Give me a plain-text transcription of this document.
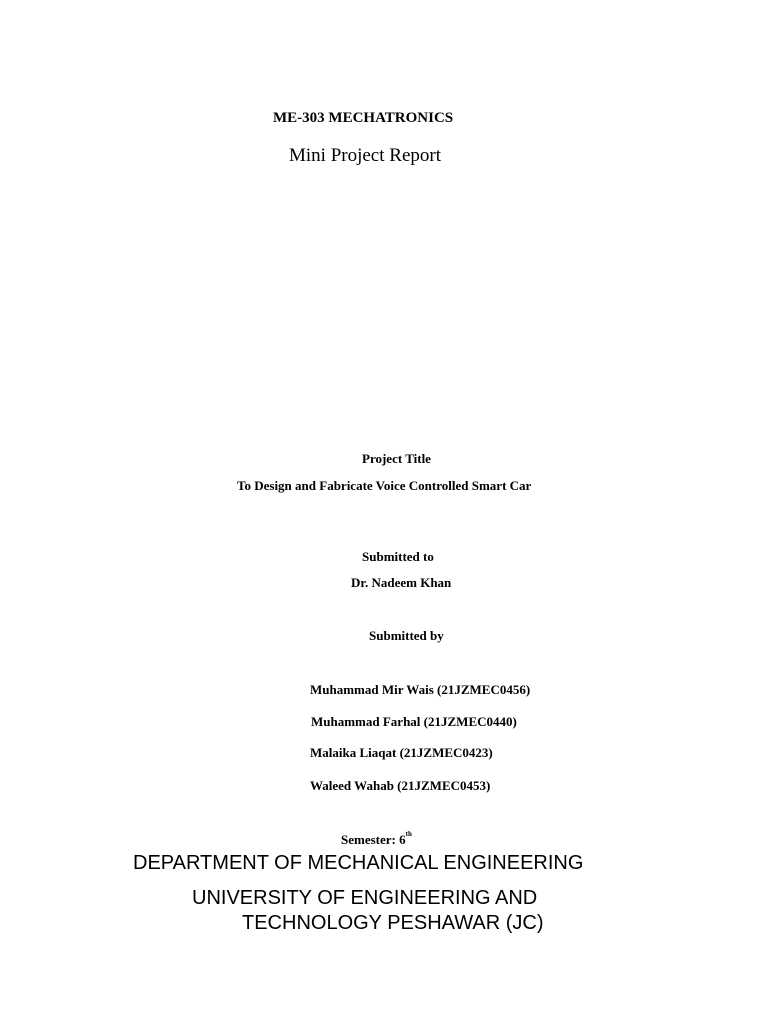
ME-303 MECHATRONICS
Mini Project Report
Project Title
To Design and Fabricate Voice Controlled Smart Car
Submitted to
Dr. Nadeem Khan
Submitted by
Muhammad Mir Wais (21JZMEC0456)
Muhammad Farhal (21JZMEC0440)
Malaika Liaqat (21JZMEC0423)
Waleed Wahab (21JZMEC0453)
Semester: 6th
DEPARTMENT OF MECHANICAL ENGINEERING
UNIVERSITY OF ENGINEERING AND
TECHNOLOGY PESHAWAR (JC)
